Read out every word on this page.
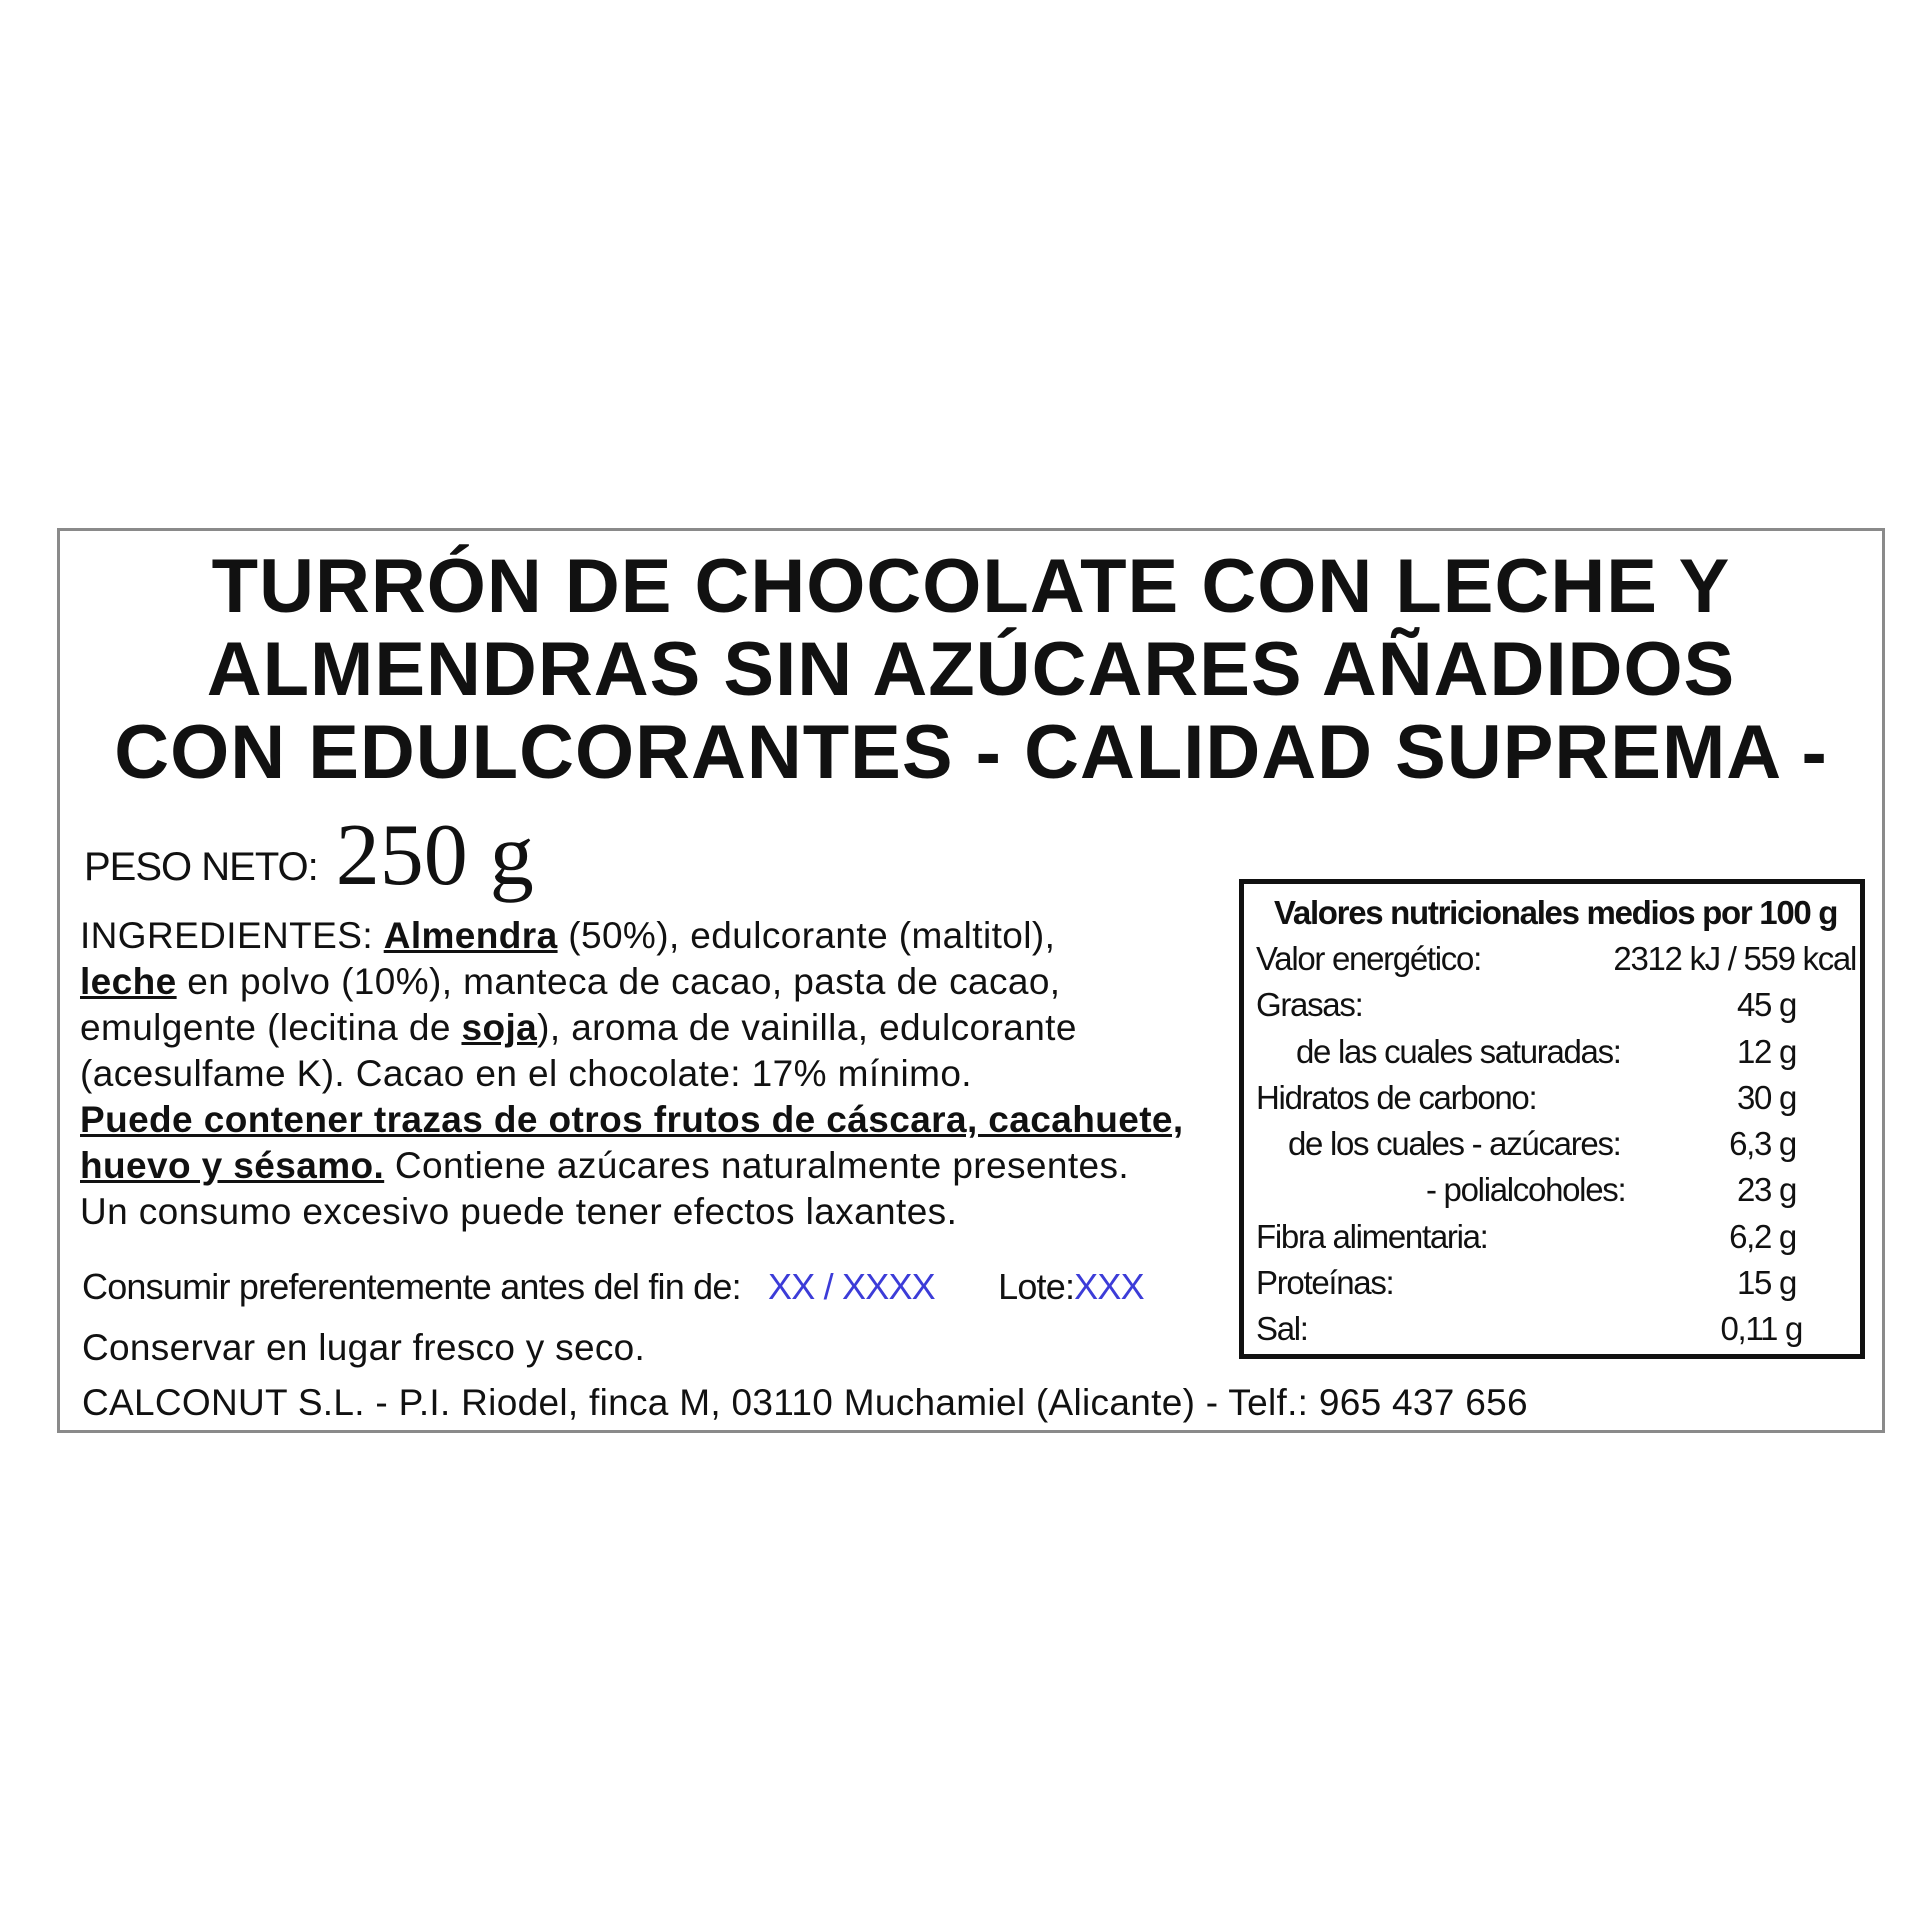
TURRÓN DE CHOCOLATE CON LECHE Y
ALMENDRAS SIN AZÚCARES AÑADIDOS
CON EDULCORANTES - CALIDAD SUPREMA -
PESO NETO: 250 g
INGREDIENTES: Almendra (50%), edulcorante (maltitol),
leche en polvo (10%), manteca de cacao, pasta de cacao,
emulgente (lecitina de soja), aroma de vainilla, edulcorante
(acesulfame K). Cacao en el chocolate: 17% mínimo.
Puede contener trazas de otros frutos de cáscara, cacahuete,
huevo y sésamo. Contiene azúcares naturalmente presentes.
Un consumo excesivo puede tener efectos laxantes.
Consumir preferentemente antes del fin de: XX / XXXX Lote:XXX
Conservar en lugar fresco y seco.
CALCONUT S.L. - P.I. Riodel, finca M, 03110 Muchamiel (Alicante) - Telf.: 965 437 656
Valores nutricionales medios por 100 g
Valor energético:	2312 kJ / 559 kcal
Grasas:	45 g
de las cuales saturadas:	12 g
Hidratos de carbono:	30 g
de los cuales - azúcares:	6,3 g
- polialcoholes:	23 g
Fibra alimentaria:	6,2 g
Proteínas:	15 g
Sal:	0,11 g
